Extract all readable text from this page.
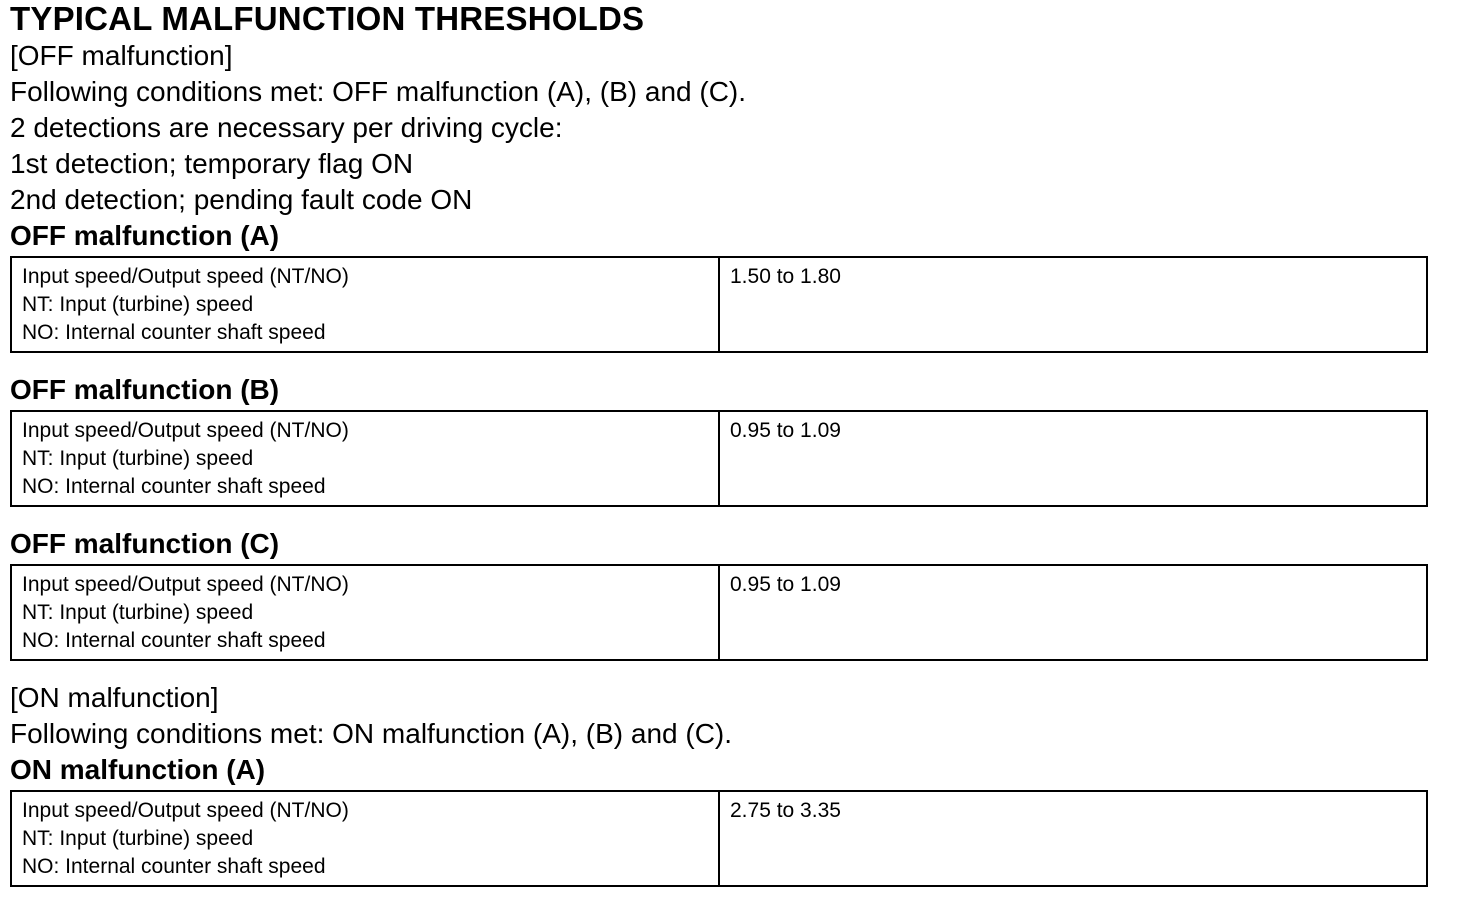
TYPICAL MALFUNCTION THRESHOLDS

[OFF malfunction]

Following conditions met: OFF malfunction (A), (B) and (C).

2 detections are necessary per driving cycle:

1st detection; temporary flag ON

2nd detection; pending fault code ON

OFF malfunction (A)
Input speed/Output speed (NT/NO)
NT: Input (turbine) speed
NO: Internal counter shaft speed
	1.50 to 1.80
OFF malfunction (B)
Input speed/Output speed (NT/NO)
NT: Input (turbine) speed
NO: Internal counter shaft speed
	0.95 to 1.09
OFF malfunction (C)
Input speed/Output speed (NT/NO)
NT: Input (turbine) speed
NO: Internal counter shaft speed
	0.95 to 1.09

[ON malfunction]

Following conditions met: ON malfunction (A), (B) and (C).

ON malfunction (A)
Input speed/Output speed (NT/NO)
NT: Input (turbine) speed
NO: Internal counter shaft speed
	2.75 to 3.35
